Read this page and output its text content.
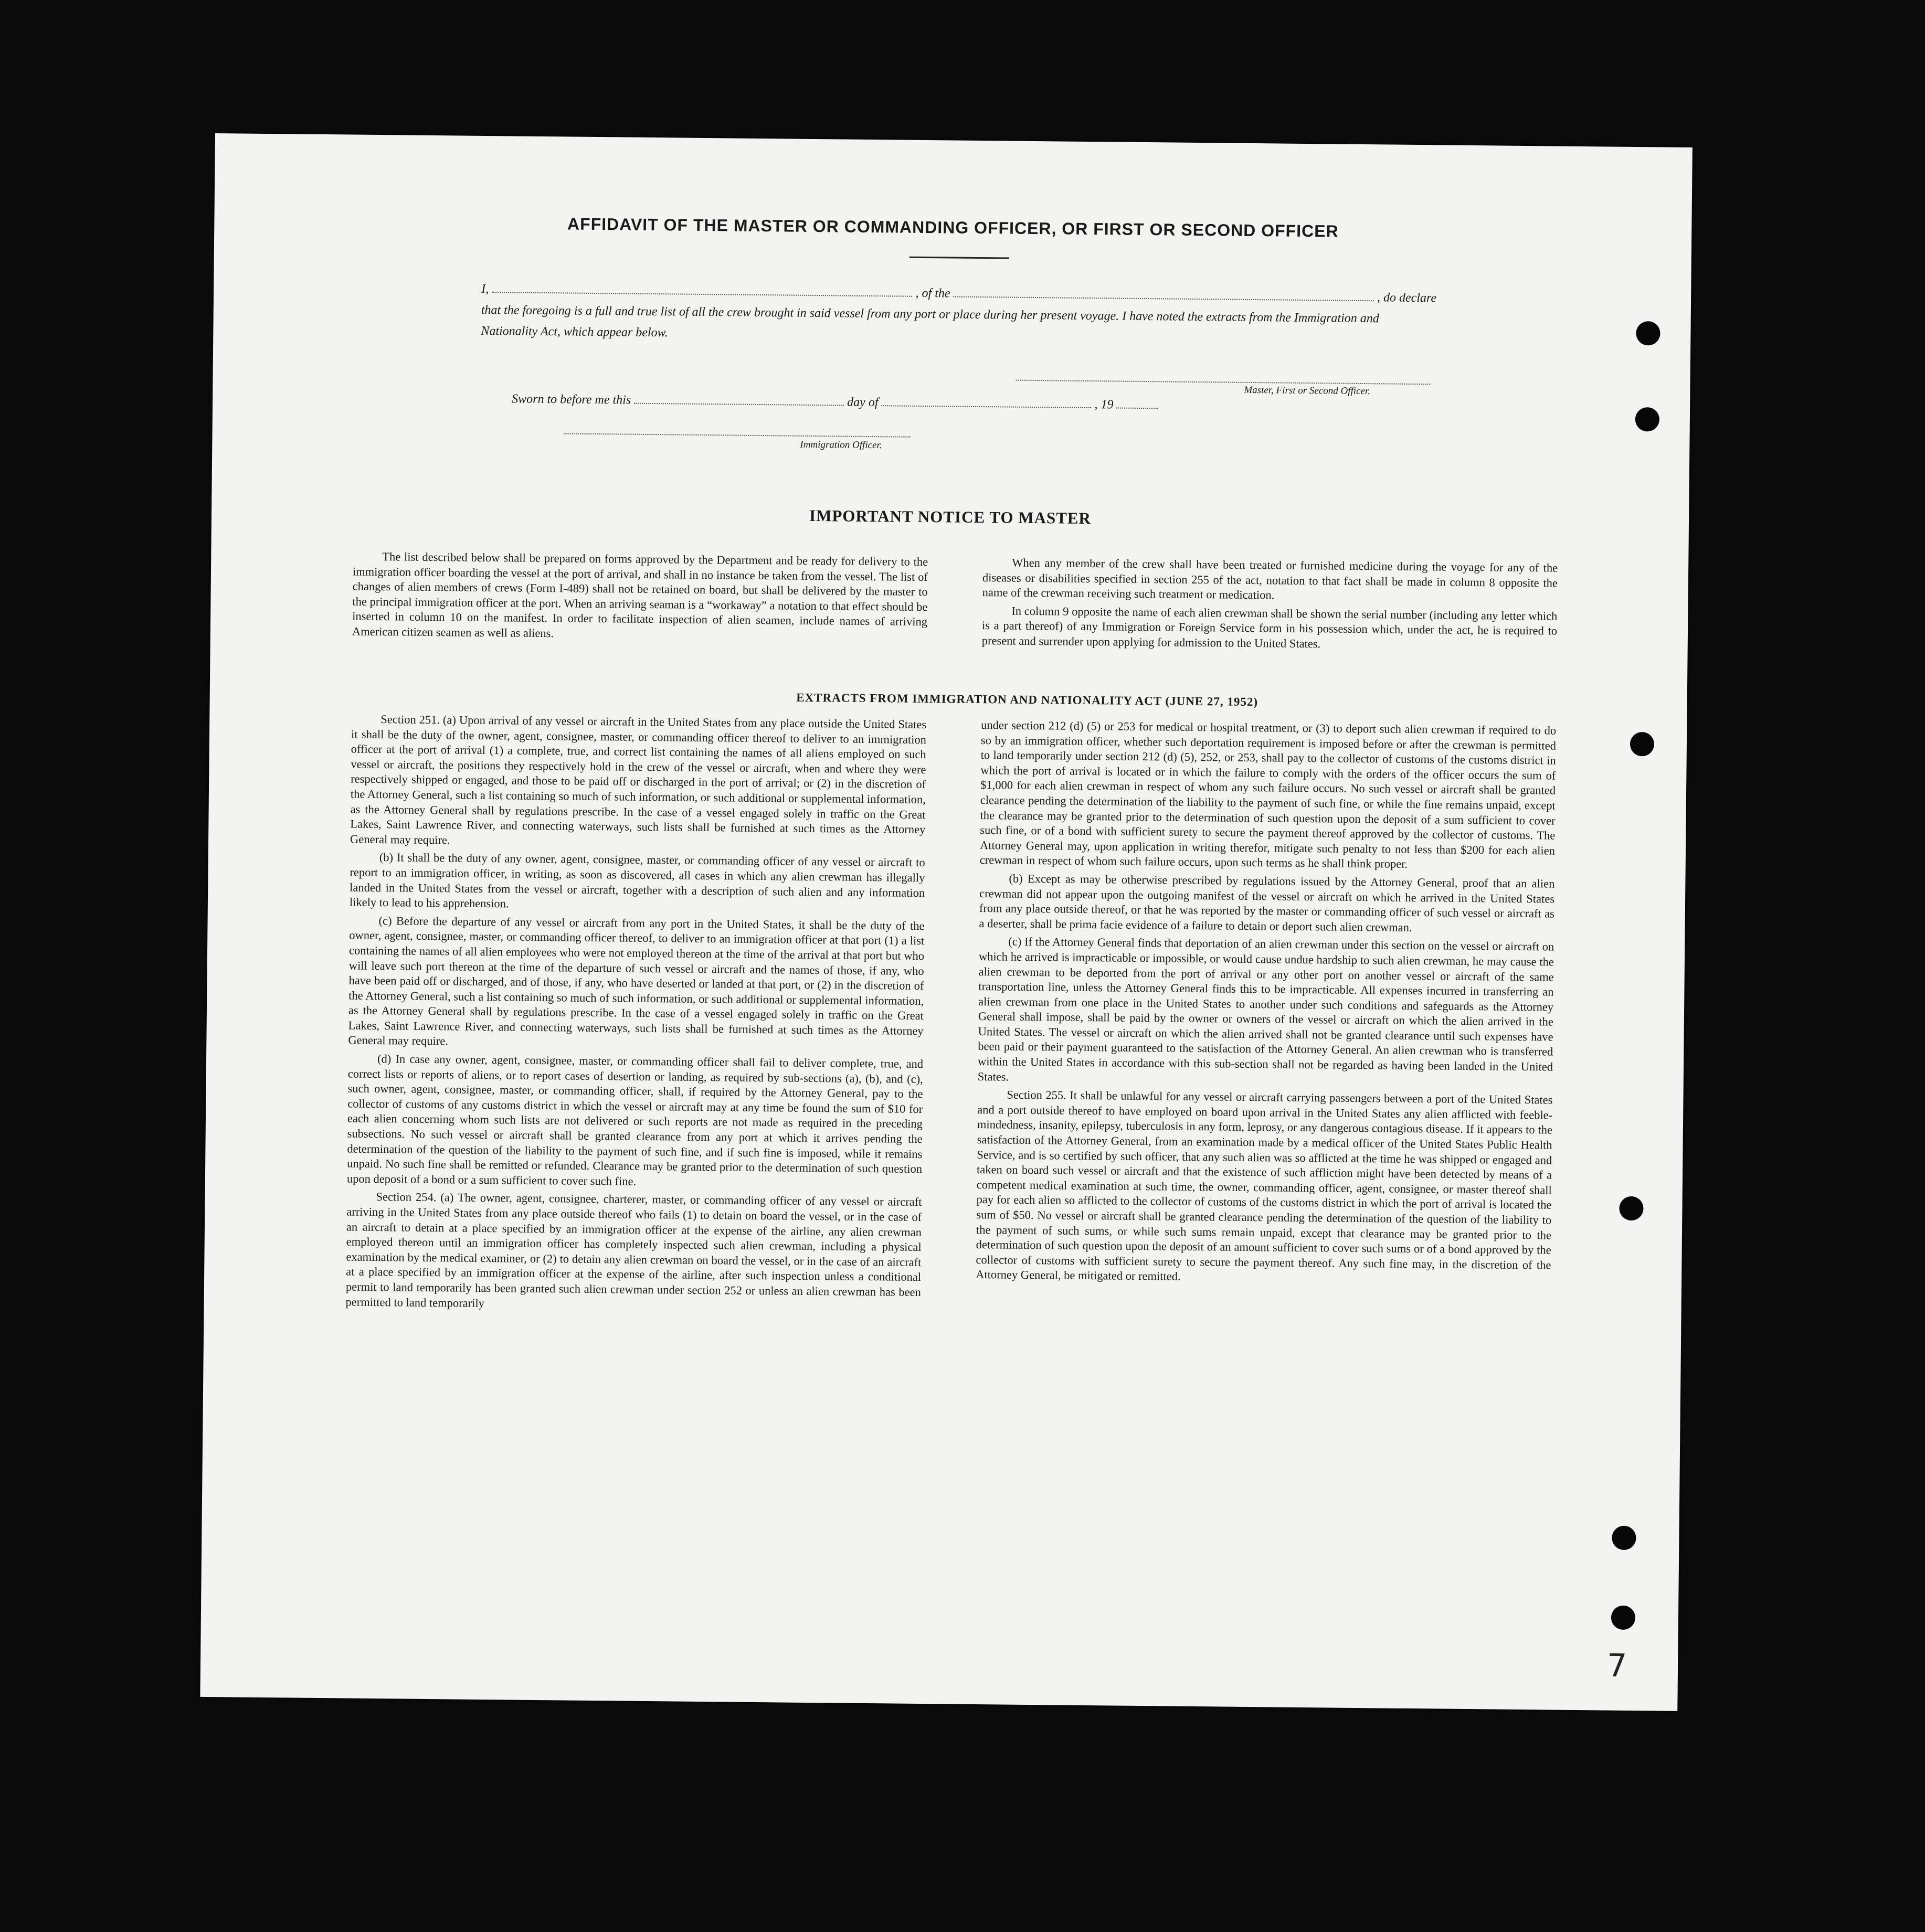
AFFIDAVIT OF THE MASTER OR COMMANDING OFFICER, OR FIRST OR SECOND OFFICER
I,	, of the	, do declare
that the foregoing is a full and true list of all the crew brought in said vessel from any port or place during her present voyage. I have noted the extracts from the Immigration and Nationality Act, which appear below.
Master, First or Second Officer.
Sworn to before me this	day of	, 19
Immigration Officer.
IMPORTANT NOTICE TO MASTER

The list described below shall be prepared on forms approved by the Department and be ready for delivery to the immigration officer boarding the vessel at the port of arrival, and shall in no instance be taken from the vessel. The list of changes of alien members of crews (Form I-489) shall not be retained on board, but shall be delivered by the master to the principal immigration officer at the port. When an arriving seaman is a “workaway” a notation to that effect should be inserted in column 10 on the manifest. In order to facilitate inspection of alien seamen, include names of arriving American citizen seamen as well as aliens.

When any member of the crew shall have been treated or furnished medicine during the voyage for any of the diseases or disabilities specified in section 255 of the act, notation to that fact shall be made in column 8 opposite the name of the crewman receiving such treatment or medication.

In column 9 opposite the name of each alien crewman shall be shown the serial number (including any letter which is a part thereof) of any Immigration or Foreign Service form in his possession which, under the act, he is required to present and surrender upon applying for admission to the United States.

EXTRACTS FROM IMMIGRATION AND NATIONALITY ACT (JUNE 27, 1952)

Section 251. (a) Upon arrival of any vessel or aircraft in the United States from any place outside the United States it shall be the duty of the owner, agent, consignee, master, or commanding officer thereof to deliver to an immigration officer at the port of arrival (1) a complete, true, and correct list containing the names of all aliens employed on such vessel or aircraft, the positions they respectively hold in the crew of the vessel or aircraft, when and where they were respectively shipped or engaged, and those to be paid off or discharged in the port of arrival; or (2) in the discretion of the Attorney General, such a list containing so much of such information, or such additional or supplemental information, as the Attorney General shall by regulations prescribe. In the case of a vessel engaged solely in traffic on the Great Lakes, Saint Lawrence River, and connecting waterways, such lists shall be furnished at such times as the Attorney General may require.

(b) It shall be the duty of any owner, agent, consignee, master, or commanding officer of any vessel or aircraft to report to an immigration officer, in writing, as soon as discovered, all cases in which any alien crewman has illegally landed in the United States from the vessel or aircraft, together with a description of such alien and any information likely to lead to his apprehension.

(c) Before the departure of any vessel or aircraft from any port in the United States, it shall be the duty of the owner, agent, consignee, master, or commanding officer thereof, to deliver to an immigration officer at that port (1) a list containing the names of all alien employees who were not employed thereon at the time of the arrival at that port but who will leave such port thereon at the time of the departure of such vessel or aircraft and the names of those, if any, who have been paid off or discharged, and of those, if any, who have deserted or landed at that port, or (2) in the discretion of the Attorney General, such a list containing so much of such information, or such additional or supplemental information, as the Attorney General shall by regulations prescribe. In the case of a vessel engaged solely in traffic on the Great Lakes, Saint Lawrence River, and connecting waterways, such lists shall be furnished at such times as the Attorney General may require.

(d) In case any owner, agent, consignee, master, or commanding officer shall fail to deliver complete, true, and correct lists or reports of aliens, or to report cases of desertion or landing, as required by sub-sections (a), (b), and (c), such owner, agent, consignee, master, or commanding officer, shall, if required by the Attorney General, pay to the collector of customs of any customs district in which the vessel or aircraft may at any time be found the sum of $10 for each alien concerning whom such lists are not delivered or such reports are not made as required in the preceding subsections. No such vessel or aircraft shall be granted clearance from any port at which it arrives pending the determination of the question of the liability to the payment of such fine, and if such fine is imposed, while it remains unpaid. No such fine shall be remitted or refunded. Clearance may be granted prior to the determination of such question upon deposit of a bond or a sum sufficient to cover such fine.

Section 254. (a) The owner, agent, consignee, charterer, master, or commanding officer of any vessel or aircraft arriving in the United States from any place outside thereof who fails (1) to detain on board the vessel, or in the case of an aircraft to detain at a place specified by an immigration officer at the expense of the airline, any alien crewman employed thereon until an immigration officer has completely inspected such alien crewman, including a physical examination by the medical examiner, or (2) to detain any alien crewman on board the vessel, or in the case of an aircraft at a place specified by an immigration officer at the expense of the airline, after such inspection unless a conditional permit to land temporarily has been granted such alien crewman under section 252 or unless an alien crewman has been permitted to land temporarily

under section 212 (d) (5) or 253 for medical or hospital treatment, or (3) to deport such alien crewman if required to do so by an immigration officer, whether such deportation requirement is imposed before or after the crewman is permitted to land temporarily under section 212 (d) (5), 252, or 253, shall pay to the collector of customs of the customs district in which the port of arrival is located or in which the failure to comply with the orders of the officer occurs the sum of $1,000 for each alien crewman in respect of whom any such failure occurs. No such vessel or aircraft shall be granted clearance pending the determination of the liability to the payment of such fine, or while the fine remains unpaid, except the clearance may be granted prior to the determination of such question upon the deposit of a sum sufficient to cover such fine, or of a bond with sufficient surety to secure the payment thereof approved by the collector of customs. The Attorney General may, upon application in writing therefor, mitigate such penalty to not less than $200 for each alien crewman in respect of whom such failure occurs, upon such terms as he shall think proper.

(b) Except as may be otherwise prescribed by regulations issued by the Attorney General, proof that an alien crewman did not appear upon the outgoing manifest of the vessel or aircraft on which he arrived in the United States from any place outside thereof, or that he was reported by the master or commanding officer of such vessel or aircraft as a deserter, shall be prima facie evidence of a failure to detain or deport such alien crewman.

(c) If the Attorney General finds that deportation of an alien crewman under this section on the vessel or aircraft on which he arrived is impracticable or impossible, or would cause undue hardship to such alien crewman, he may cause the alien crewman to be deported from the port of arrival or any other port on another vessel or aircraft of the same transportation line, unless the Attorney General finds this to be impracticable. All expenses incurred in transferring an alien crewman from one place in the United States to another under such conditions and safeguards as the Attorney General shall impose, shall be paid by the owner or owners of the vessel or aircraft on which the alien arrived in the United States. The vessel or aircraft on which the alien arrived shall not be granted clearance until such expenses have been paid or their payment guaranteed to the satisfaction of the Attorney General. An alien crewman who is transferred within the United States in accordance with this sub-section shall not be regarded as having been landed in the United States.

Section 255. It shall be unlawful for any vessel or aircraft carrying passengers between a port of the United States and a port outside thereof to have employed on board upon arrival in the United States any alien afflicted with feeble-mindedness, insanity, epilepsy, tuberculosis in any form, leprosy, or any dangerous contagious disease. If it appears to the satisfaction of the Attorney General, from an examination made by a medical officer of the United States Public Health Service, and is so certified by such officer, that any such alien was so afflicted at the time he was shipped or engaged and taken on board such vessel or aircraft and that the existence of such affliction might have been detected by means of a competent medical examination at such time, the owner, commanding officer, agent, consignee, or master thereof shall pay for each alien so afflicted to the collector of customs of the customs district in which the port of arrival is located the sum of $50. No vessel or aircraft shall be granted clearance pending the determination of the question of the liability to the payment of such sums, or while such sums remain unpaid, except that clearance may be granted prior to the determination of such question upon the deposit of an amount sufficient to cover such sums or of a bond approved by the collector of customs with sufficient surety to secure the payment thereof. Any such fine may, in the discretion of the Attorney General, be mitigated or remitted.

7
